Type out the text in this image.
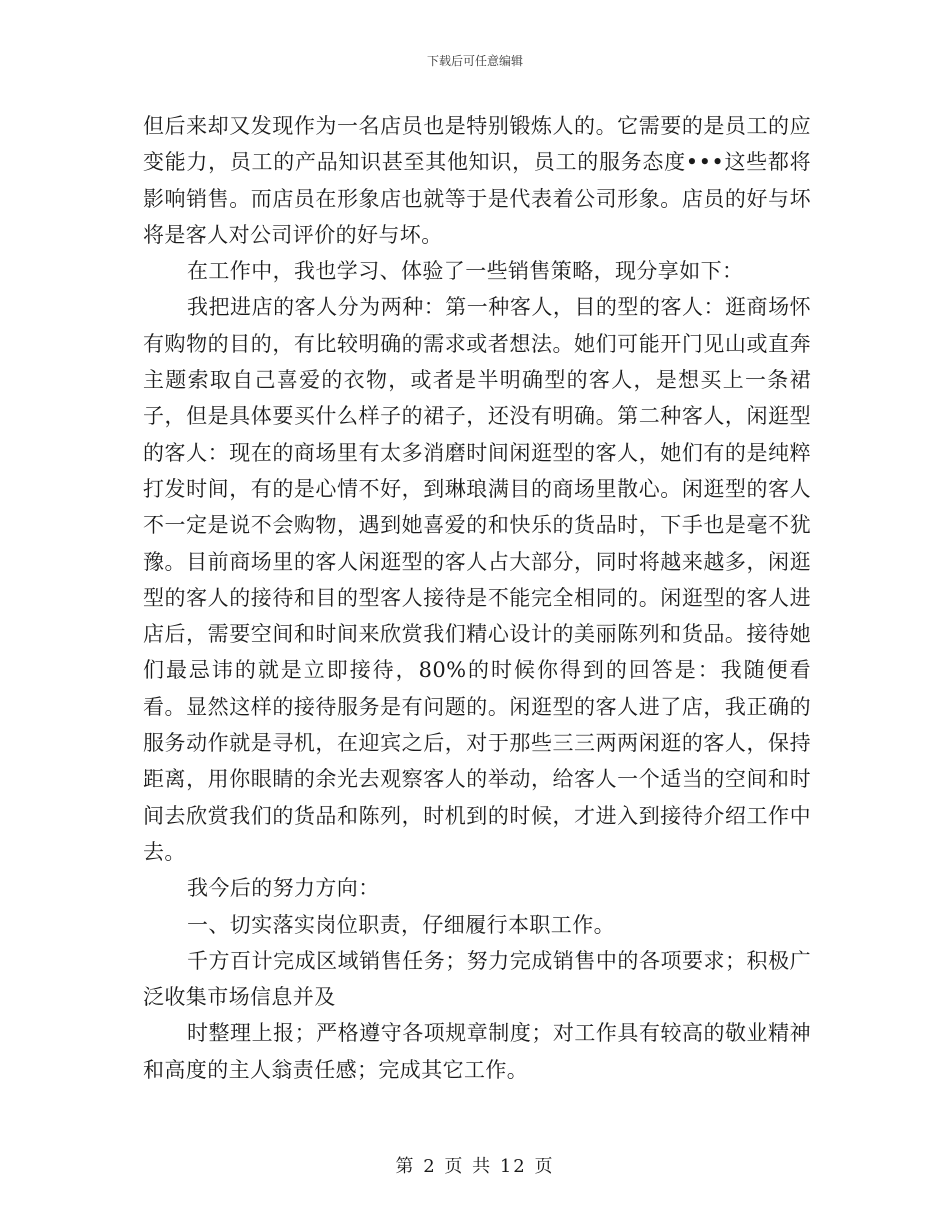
下载后可任意编辑

但后来却又发现作为一名店员也是特别锻炼人的。它需要的是员工的应变能力，员工的产品知识甚至其他知识，员工的服务态度•••这些都将影响销售。而店员在形象店也就等于是代表着公司形象。店员的好与坏将是客人对公司评价的好与坏。

在工作中，我也学习、体验了一些销售策略，现分享如下：

我把进店的客人分为两种：第一种客人，目的型的客人：逛商场怀有购物的目的，有比较明确的需求或者想法。她们可能开门见山或直奔主题索取自己喜爱的衣物，或者是半明确型的客人，是想买上一条裙子，但是具体要买什么样子的裙子，还没有明确。第二种客人，闲逛型的客人：现在的商场里有太多消磨时间闲逛型的客人，她们有的是纯粹打发时间，有的是心情不好，到琳琅满目的商场里散心。闲逛型的客人不一定是说不会购物，遇到她喜爱的和快乐的货品时，下手也是毫不犹豫。目前商场里的客人闲逛型的客人占大部分，同时将越来越多，闲逛型的客人的接待和目的型客人接待是不能完全相同的。闲逛型的客人进店后，需要空间和时间来欣赏我们精心设计的美丽陈列和货品。接待她们最忌讳的就是立即接待，80%的时候你得到的回答是：我随便看看。显然这样的接待服务是有问题的。闲逛型的客人进了店，我正确的服务动作就是寻机，在迎宾之后，对于那些三三两两闲逛的客人，保持距离，用你眼睛的余光去观察客人的举动，给客人一个适当的空间和时间去欣赏我们的货品和陈列，时机到的时候，才进入到接待介绍工作中去。

我今后的努力方向：

一、切实落实岗位职责，仔细履行本职工作。

千方百计完成区域销售任务；努力完成销售中的各项要求；积极广泛收集市场信息并及

时整理上报；严格遵守各项规章制度；对工作具有较高的敬业精神和高度的主人翁责任感；完成其它工作。

第 2 页 共 12 页
